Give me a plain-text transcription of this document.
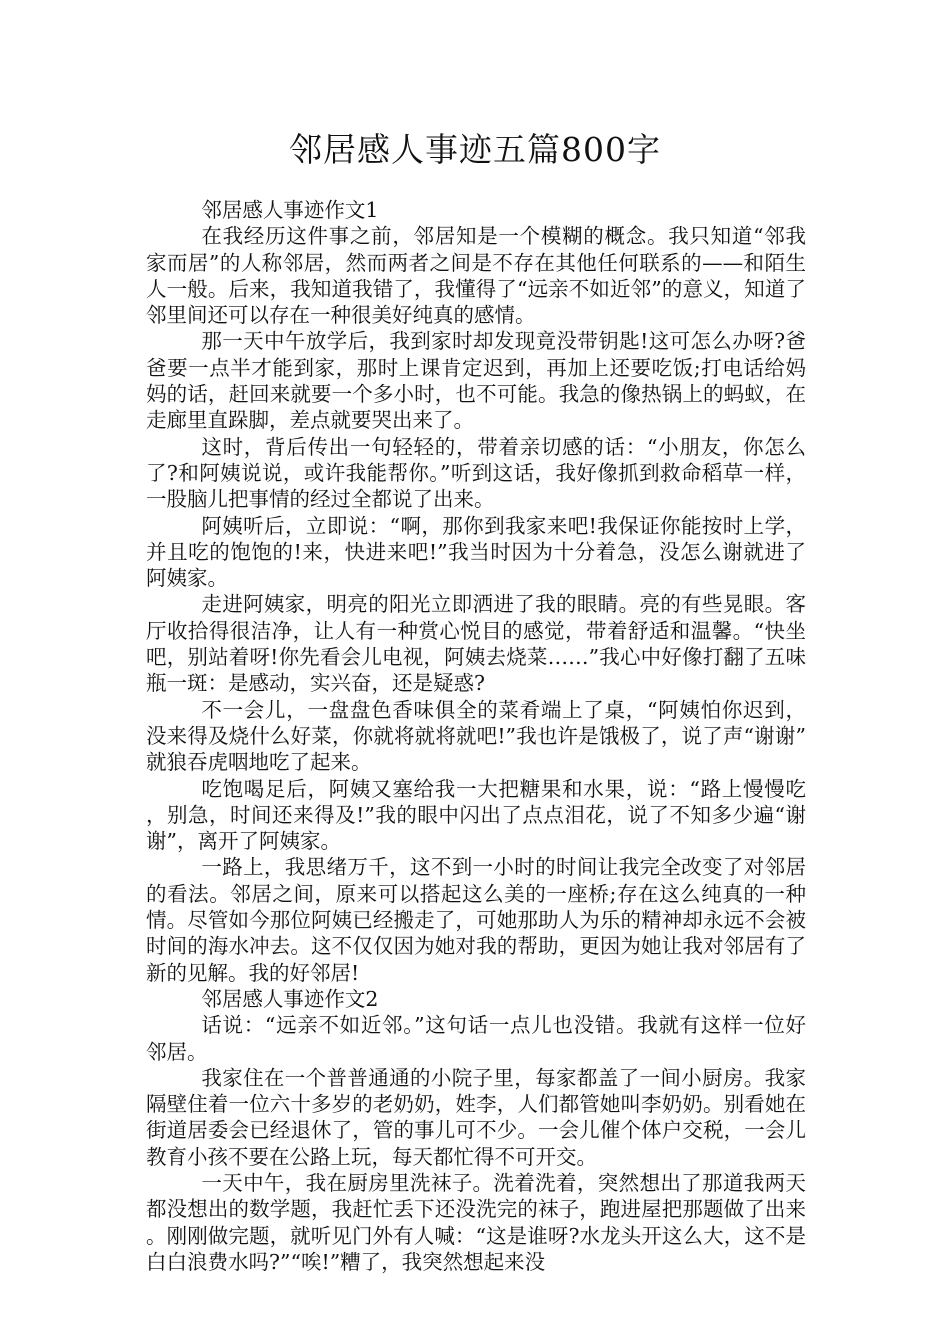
邻居感人事迹五篇800字

邻居感人事迹作文1

在我经历这件事之前，邻居知是一个模糊的概念。我只知道“邻我家而居”的人称邻居，然而两者之间是不存在其他任何联系的——和陌生人一般。后来，我知道我错了，我懂得了“远亲不如近邻”的意义，知道了邻里间还可以存在一种很美好纯真的感情。

那一天中午放学后，我到家时却发现竟没带钥匙!这可怎么办呀?爸爸要一点半才能到家，那时上课肯定迟到，再加上还要吃饭;打电话给妈妈的话，赶回来就要一个多小时，也不可能。我急的像热锅上的蚂蚁，在走廊里直跺脚，差点就要哭出来了。

这时，背后传出一句轻轻的，带着亲切感的话：“小朋友，你怎么了?和阿姨说说，或许我能帮你。”听到这话，我好像抓到救命稻草一样，一股脑儿把事情的经过全都说了出来。

阿姨听后，立即说：“啊，那你到我家来吧!我保证你能按时上学，并且吃的饱饱的!来，快进来吧!”我当时因为十分着急，没怎么谢就进了阿姨家。

走进阿姨家，明亮的阳光立即洒进了我的眼睛。亮的有些晃眼。客厅收拾得很洁净，让人有一种赏心悦目的感觉，带着舒适和温馨。“快坐吧，别站着呀!你先看会儿电视，阿姨去烧菜……”我心中好像打翻了五味瓶一斑：是感动，实兴奋，还是疑惑?

不一会儿，一盘盘色香味俱全的菜肴端上了桌，“阿姨怕你迟到，没来得及烧什么好菜，你就将就将就吧!”我也许是饿极了，说了声“谢谢”就狼吞虎咽地吃了起来。

吃饱喝足后，阿姨又塞给我一大把糖果和水果，说：“路上慢慢吃，别急，时间还来得及!”我的眼中闪出了点点泪花，说了不知多少遍“谢谢”，离开了阿姨家。

一路上，我思绪万千，这不到一小时的时间让我完全改变了对邻居的看法。邻居之间，原来可以搭起这么美的一座桥;存在这么纯真的一种情。尽管如今那位阿姨已经搬走了，可她那助人为乐的精神却永远不会被时间的海水冲去。这不仅仅因为她对我的帮助，更因为她让我对邻居有了新的见解。我的好邻居!

邻居感人事迹作文2

话说：“远亲不如近邻。”这句话一点儿也没错。我就有这样一位好邻居。

我家住在一个普普通通的小院子里，每家都盖了一间小厨房。我家隔壁住着一位六十多岁的老奶奶，姓李，人们都管她叫李奶奶。别看她在街道居委会已经退休了，管的事儿可不少。一会儿催个体户交税，一会儿教育小孩不要在公路上玩，每天都忙得不可开交。

一天中午，我在厨房里洗袜子。洗着洗着，突然想出了那道我两天都没想出的数学题，我赶忙丢下还没洗完的袜子，跑进屋把那题做了出来。刚刚做完题，就听见门外有人喊：“这是谁呀?水龙头开这么大，这不是白白浪费水吗?”“唉!”糟了，我突然想起来没
